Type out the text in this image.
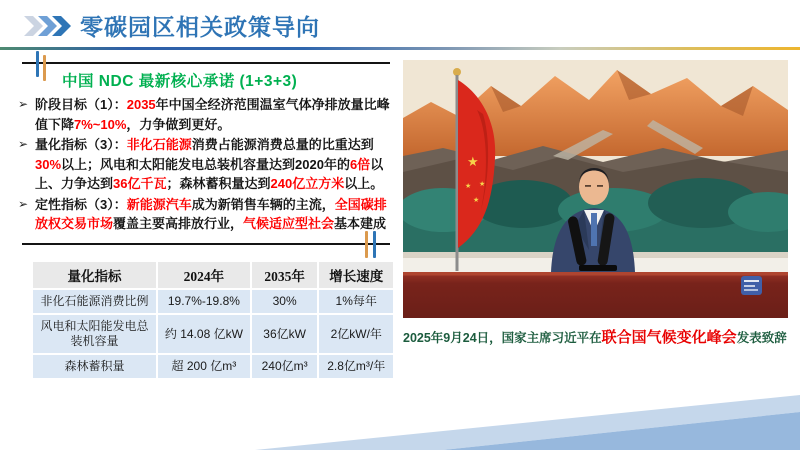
零碳园区相关政策导向
中国 NDC 最新核心承诺 (1+3+3)
➢ 阶段目标（1）：2035年中国全经济范围温室气体净排放量比峰值下降7%~10%，力争做到更好。
➢ 量化指标（3）：非化石能源消费占能源消费总量的比重达到30%以上；风电和太阳能发电总装机容量达到2020年的6倍以上、力争达到36亿千瓦；森林蓄积量达到240亿立方米以上。
➢ 定性指标（3）：新能源汽车成为新销售车辆的主流，全国碳排放权交易市场覆盖主要高排放行业，气候适应型社会基本建成
量化指标	2024年	2035年	增长速度
非化石能源消费比例	19.7%-19.8%	30%	1%每年
风电和太阳能发电总装机容量	约 14.08 亿kW	36亿kW	2亿kW/年
森林蓄积量	超 200 亿m³	240亿m³	2.8亿m³/年
★
★
★
★
2025年9月24日，国家主席习近平在联合国气候变化峰会发表致辞
